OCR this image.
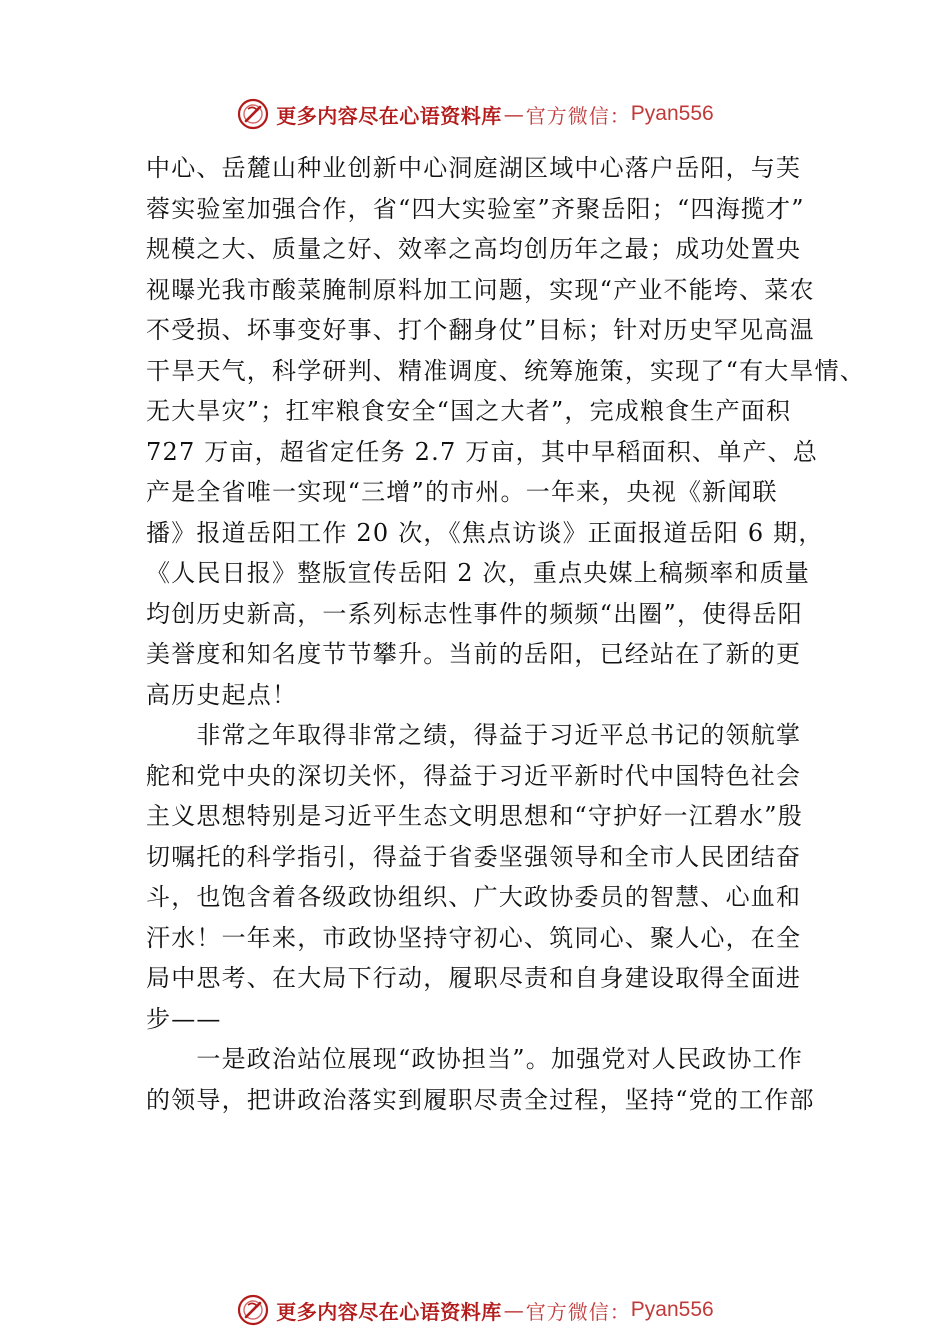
更多内容尽在心语资料库 — 官方微信： Pyan556
中心、岳麓山种业创新中心洞庭湖区域中心落户岳阳，与芙
蓉实验室加强合作，省“四大实验室”齐聚岳阳；“四海揽才”
规模之大、质量之好、效率之高均创历年之最；成功处置央
视曝光我市酸菜腌制原料加工问题，实现“产业不能垮、菜农
不受损、坏事变好事、打个翻身仗”目标；针对历史罕见高温
干旱天气，科学研判、精准调度、统筹施策，实现了“有大旱情、
无大旱灾”；扛牢粮食安全“国之大者”，完成粮食生产面积
727 万亩，超省定任务 2.7 万亩，其中早稻面积、单产、总
产是全省唯一实现“三增”的市州。一年来，央视《新闻联
播》报道岳阳工作 20 次，《焦点访谈》正面报道岳阳 6 期，
《人民日报》整版宣传岳阳 2 次，重点央媒上稿频率和质量
均创历史新高，一系列标志性事件的频频“出圈”，使得岳阳
美誉度和知名度节节攀升。当前的岳阳，已经站在了新的更
高历史起点！
　　非常之年取得非常之绩，得益于习近平总书记的领航掌
舵和党中央的深切关怀，得益于习近平新时代中国特色社会
主义思想特别是习近平生态文明思想和“守护好一江碧水”殷
切嘱托的科学指引，得益于省委坚强领导和全市人民团结奋
斗，也饱含着各级政协组织、广大政协委员的智慧、心血和
汗水！一年来，市政协坚持守初心、筑同心、聚人心，在全
局中思考、在大局下行动，履职尽责和自身建设取得全面进
步——
　　一是政治站位展现“政协担当”。加强党对人民政协工作
的领导，把讲政治落实到履职尽责全过程，坚持“党的工作部
更多内容尽在心语资料库 — 官方微信： Pyan556
